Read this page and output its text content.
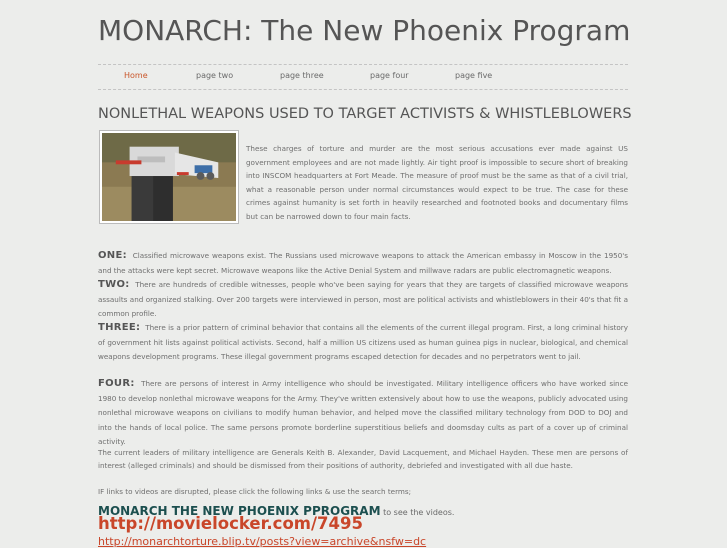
MONARCH: The New Phoenix Program
Home	page two	page three	page four	page five
NONLETHAL WEAPONS USED TO TARGET ACTIVISTS & WHISTLEBLOWERS

These charges of torture and murder are the most serious accusations ever made against US government employees and are not made lightly. Air tight proof is impossible to secure short of breaking into INSCOM headquarters at Fort Meade. The measure of proof must be the same as that of a civil trial, what a reasonable person under normal circumstances would expect to be true. The case for these crimes against humanity is set forth in heavily researched and footnoted books and documentary films but can be narrowed down to four main facts.

ONE: Classified microwave weapons exist. The Russians used microwave weapons to attack the American embassy in Moscow in the 1950's and the attacks were kept secret. Microwave weapons like the Active Denial System and millwave radars are public electromagnetic weapons.

TWO: There are hundreds of credible witnesses, people who've been saying for years that they are targets of classified microwave weapons assaults and organized stalking. Over 200 targets were interviewed in person, most are political activists and whistleblowers in their 40's that fit a common profile.

THREE: There is a prior pattern of criminal behavior that contains all the elements of the current illegal program. First, a long criminal history of government hit lists against political activists. Second, half a million US citizens used as human guinea pigs in nuclear, biological, and chemical weapons development programs. These illegal government programs escaped detection for decades and no perpetrators went to jail.

FOUR: There are persons of interest in Army intelligence who should be investigated. Military intelligence officers who have worked since 1980 to develop nonlethal microwave weapons for the Army. They've written extensively about how to use the weapons, publicly advocated using nonlethal microwave weapons on civilians to modify human behavior, and helped move the classified military technology from DOD to DOJ and into the hands of local police. The same persons promote borderline superstitious beliefs and doomsday cults as part of a cover up of criminal activity.

The current leaders of military intelligence are Generals Keith B. Alexander, David Lacquement, and Michael Hayden. These men are persons of interest (alleged criminals) and should be dismissed from their positions of authority, debriefed and investigated with all due haste.

IF links to videos are disrupted, please click the following links & use the search terms;

MONARCH THE NEW PHOENIX PPROGRAM to see the videos.
http://movielocker.com/7495
http://monarchtorture.blip.tv/posts?view=archive&nsfw=dc
